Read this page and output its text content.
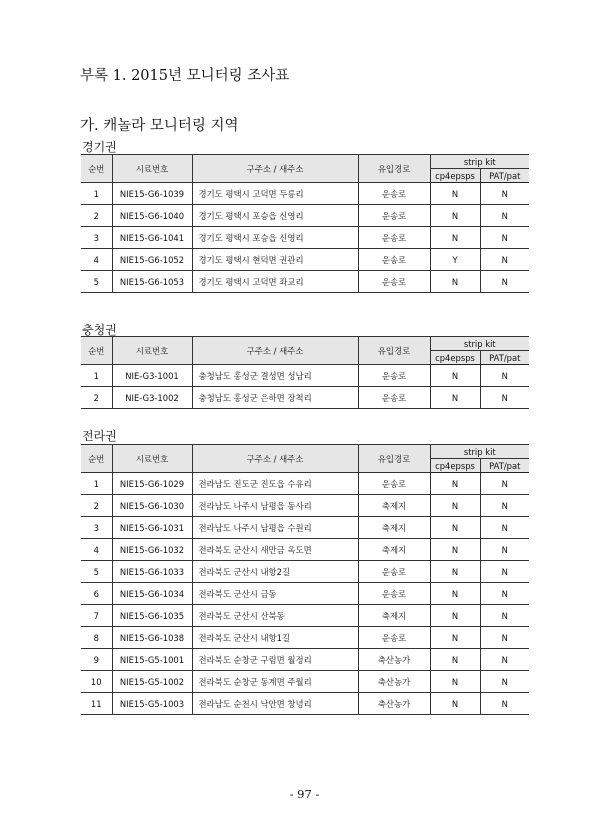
부록 1. 2015년 모니터링 조사표
가. 캐놀라 모니터링 지역
경기권
순번	시료번호	구주소 / 새주소	유입경로	strip kit	
				cp4epsps	PAT/pat
1	NIE15-G6-1039	경기도 평택시 고덕면 두릉리	운송로	N	N
2	NIE15-G6-1040	경기도 평택시 포승읍 신영리	운송로	N	N
3	NIE15-G6-1041	경기도 평택시 포승읍 신영리	운송로	N	N
4	NIE15-G6-1052	경기도 평택시 현덕면 권관리	운송로	Y	N
5	NIE15-G6-1053	경기도 평택시 고덕면 좌교리	운송로	N	N
충청권
순번	시료번호	구주소 / 새주소	유입경로	strip kit	
				cp4epsps	PAT/pat
1	NIE-G3-1001	충청남도 홍성군 결성면 성남리	운송로	N	N
2	NIE-G3-1002	충청남도 홍성군 은하면 장척리	운송로	N	N
전라권
순번	시료번호	구주소 / 새주소	유입경로	strip kit	
				cp4epsps	PAT/pat
1	NIE15-G6-1029	전라남도 진도군 진도읍 수유리	운송로	N	N
2	NIE15-G6-1030	전라남도 나주시 남평읍 동사리	축제지	N	N
3	NIE15-G6-1031	전라남도 나주시 남평읍 수원리	축제지	N	N
4	NIE15-G6-1032	전라북도 군산시 새만금 옥도면	축제지	N	N
5	NIE15-G6-1033	전라북도 군산시 내항2길	운송로	N	N
6	NIE15-G6-1034	전라북도 군산시 금동	운송로	N	N
7	NIE15-G6-1035	전라북도 군산시 산북동	축제지	N	N
8	NIE15-G6-1038	전라북도 군산시 내항1길	운송로	N	N
9	NIE15-G5-1001	전라북도 순창군 구림면 월정리	축산농가	N	N
10	NIE15-G5-1002	전라북도 순창군 동계면 주월리	축산농가	N	N
11	NIE15-G5-1003	전라남도 순천시 낙안면 창녕리	축산농가	N	N

- 97 -
